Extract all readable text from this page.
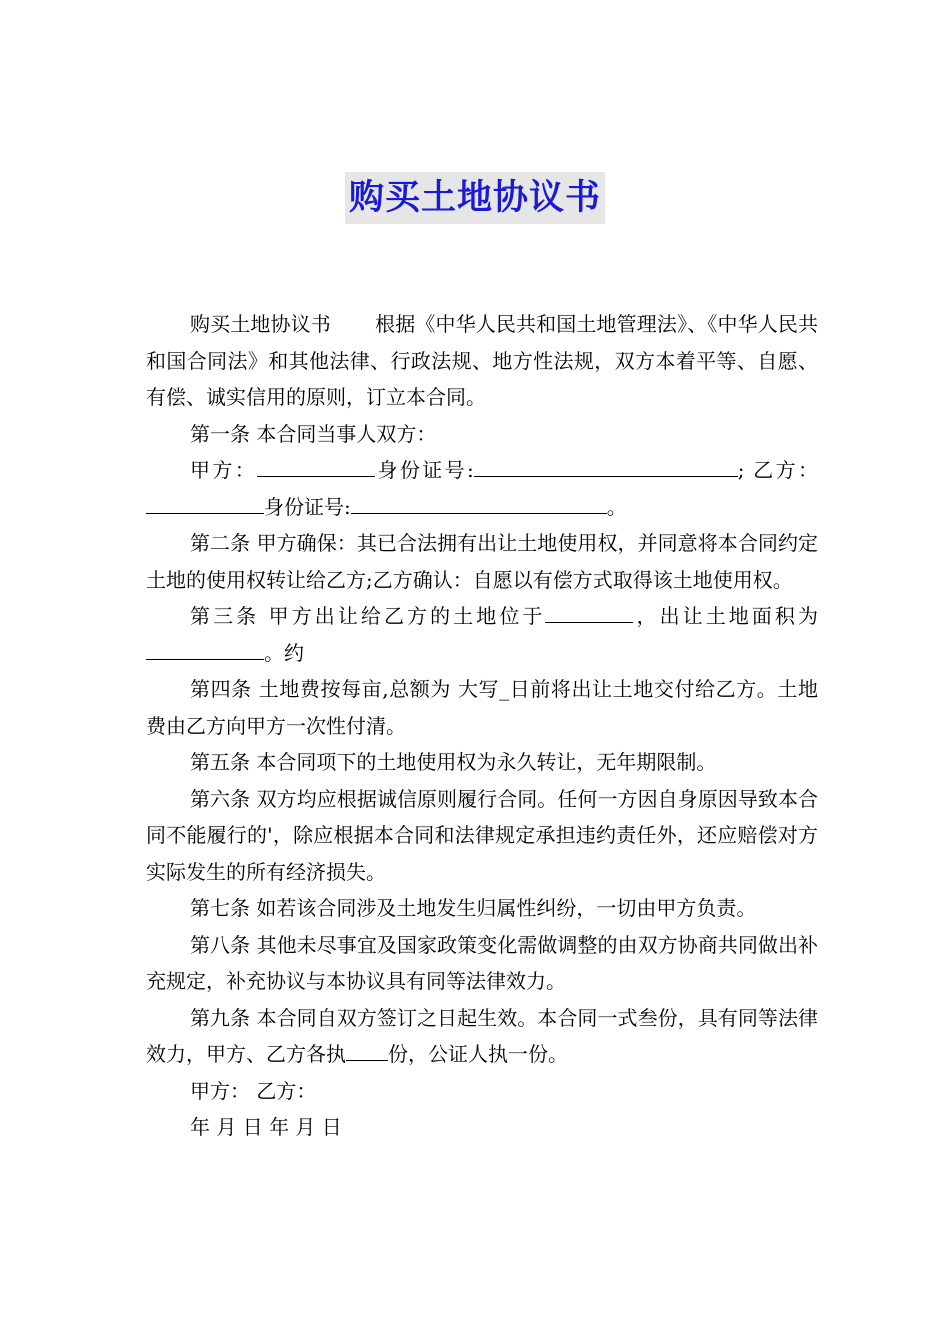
购买土地协议书

购买土地协议书 根据《中华人民共和国土地管理法》、《中华人民共和国合同法》和其他法律、行政法规、地方性法规，双方本着平等、自愿、有偿、诚实信用的原则，订立本合同。

第一条 本合同当事人双方：

甲方：	身份证号:	; 乙方：身份证号:	。

第二条 甲方确保：其已合法拥有出让土地使用权，并同意将本合同约定土地的使用权转让给乙方;乙方确认：自愿以有偿方式取得该土地使用权。

第三条 甲方出让给乙方的土地位于	，出让土地面积为。约

第四条 土地费按每亩,总额为 大写_日前将出让土地交付给乙方。土地费由乙方向甲方一次性付清。

第五条 本合同项下的土地使用权为永久转让，无年期限制。

第六条 双方均应根据诚信原则履行合同。任何一方因自身原因导致本合同不能履行的'，除应根据本合同和法律规定承担违约责任外，还应赔偿对方实际发生的所有经济损失。

第七条 如若该合同涉及土地发生归属性纠纷，一切由甲方负责。

第八条 其他未尽事宜及国家政策变化需做调整的由双方协商共同做出补充规定，补充协议与本协议具有同等法律效力。

第九条 本合同自双方签订之日起生效。本合同一式叁份，具有同等法律效力，甲方、乙方各执 份，公证人执一份。

甲方： 乙方：

年 月 日 年 月 日
